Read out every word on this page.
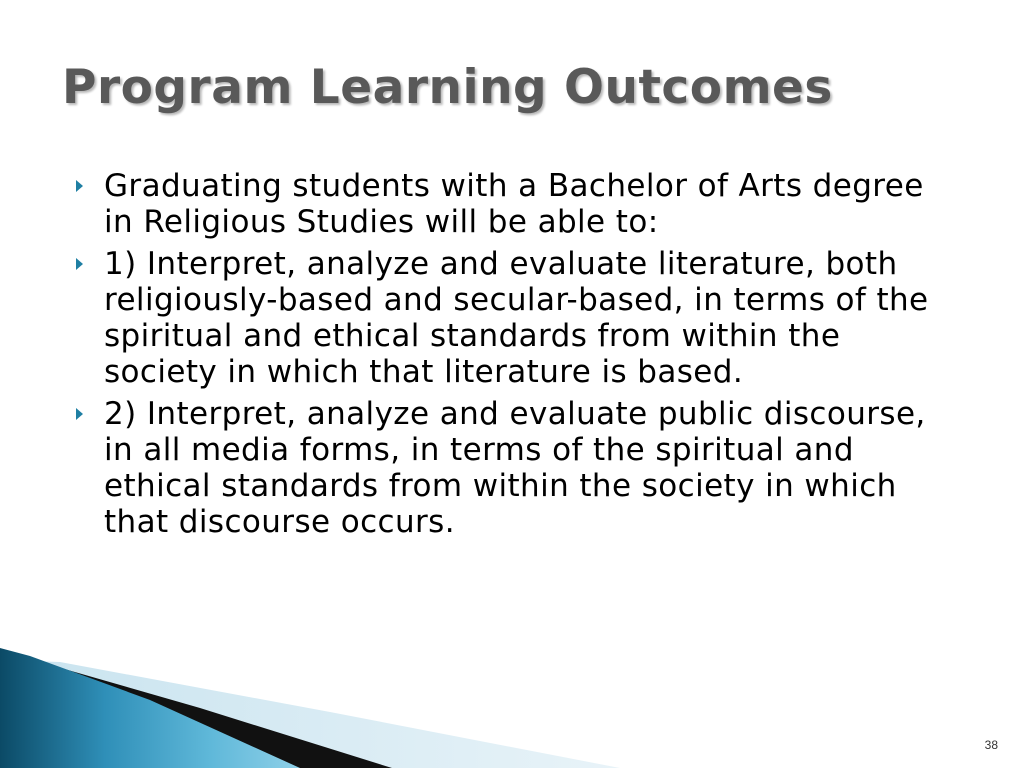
Program Learning Outcomes
Graduating students with a Bachelor of Arts degree in Religious Studies will be able to:
1) Interpret, analyze and evaluate literature, both religiously-based and secular-based, in terms of the spiritual and ethical standards from within the society in which that literature is based.
2) Interpret, analyze and evaluate public discourse, in all media forms, in terms of the spiritual and ethical standards from within the society in which that discourse occurs.
38
